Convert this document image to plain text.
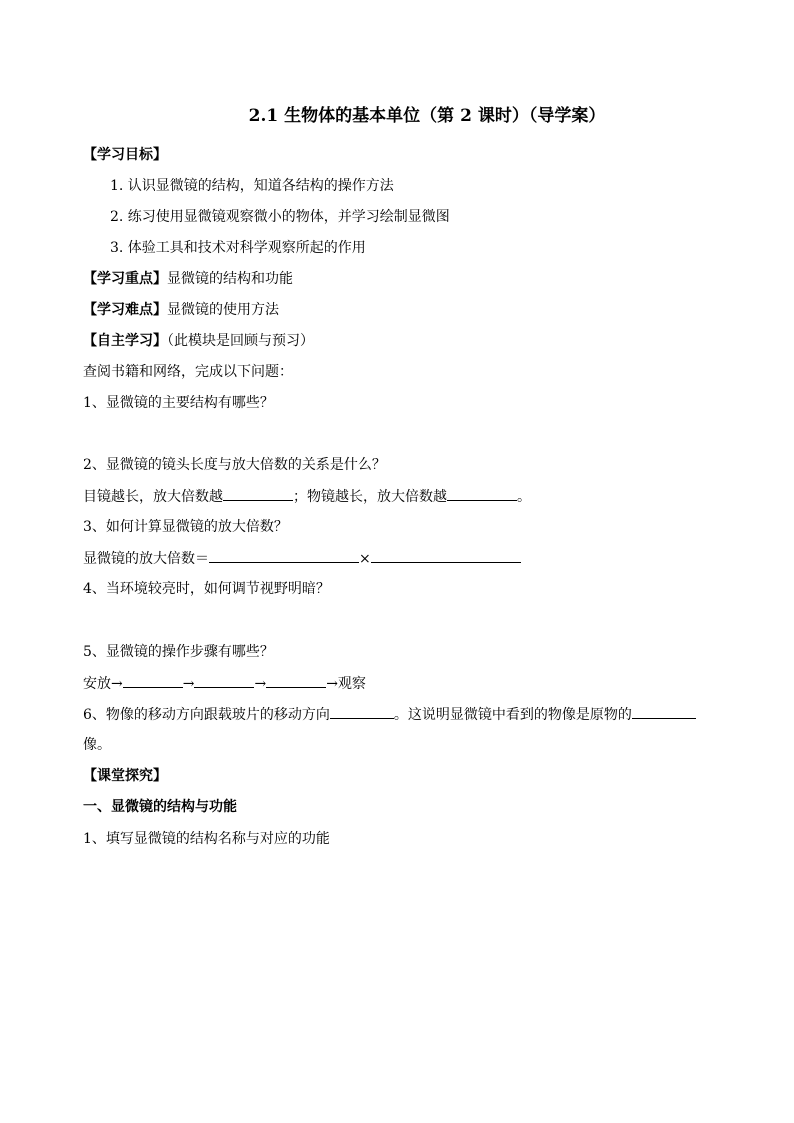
2.1 生物体的基本单位（第 2 课时）（导学案）
【学习目标】
1. 认识显微镜的结构，知道各结构的操作方法
2. 练习使用显微镜观察微小的物体，并学习绘制显微图
3. 体验工具和技术对科学观察所起的作用
【学习重点】显微镜的结构和功能
【学习难点】显微镜的使用方法
【自主学习】（此模块是回顾与预习）
查阅书籍和网络，完成以下问题：
1、显微镜的主要结构有哪些？
2、显微镜的镜头长度与放大倍数的关系是什么？
目镜越长，放大倍数越	；物镜越长，放大倍数越	。
3、如何计算显微镜的放大倍数？
显微镜的放大倍数＝	×
4、当环境较亮时，如何调节视野明暗？
5、显微镜的操作步骤有哪些？
安放→	→	→	→观察
6、物像的移动方向跟载玻片的移动方向	。这说明显微镜中看到的物像是原物的
像。
【课堂探究】
一、显微镜的结构与功能
1、填写显微镜的结构名称与对应的功能
